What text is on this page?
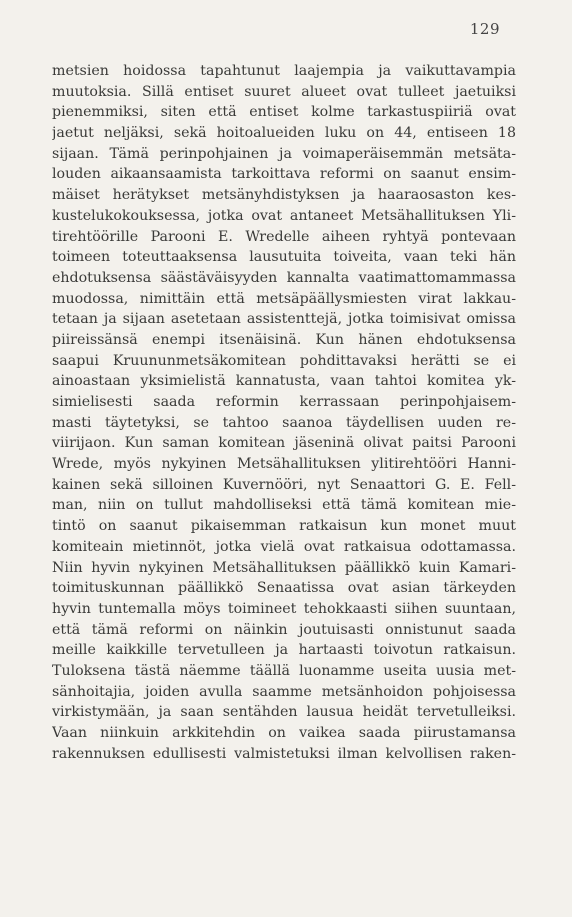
129
metsien hoidossa tapahtunut laajempia ja vaikuttavampia
muutoksia. Sillä entiset suuret alueet ovat tulleet jaetuiksi
pienemmiksi, siten että entiset kolme tarkastuspiiriä ovat
jaetut neljäksi, sekä hoitoalueiden luku on 44, entiseen 18
sijaan. Tämä perinpohjainen ja voimaperäisemmän metsäta-
louden aikaansaamista tarkoittava reformi on saanut ensim-
mäiset herätykset metsänyhdistyksen ja haaraosaston kes-
kustelukokouksessa, jotka ovat antaneet Metsähallituksen Yli-
tirehtöörille Parooni E. Wredelle aiheen ryhtyä pontevaan
toimeen toteuttaaksensa lausutuita toiveita, vaan teki hän
ehdotuksensa säästäväisyyden kannalta vaatimattomammassa
muodossa, nimittäin että metsäpäällysmiesten virat lakkau-
tetaan ja sijaan asetetaan assistenttejä, jotka toimisivat omissa
piireissänsä enempi itsenäisinä. Kun hänen ehdotuksensa
saapui Kruununmetsäkomitean pohdittavaksi herätti se ei
ainoastaan yksimielistä kannatusta, vaan tahtoi komitea yk-
simielisesti saada reformin kerrassaan perinpohjaisem-
masti täytetyksi, se tahtoo saanoa täydellisen uuden re-
viirijaon. Kun saman komitean jäseninä olivat paitsi Parooni
Wrede, myös nykyinen Metsähallituksen ylitirehtööri Hanni-
kainen sekä silloinen Kuvernööri, nyt Senaattori G. E. Fell-
man, niin on tullut mahdolliseksi että tämä komitean mie-
tintö on saanut pikaisemman ratkaisun kun monet muut
komiteain mietinnöt, jotka vielä ovat ratkaisua odottamassa.
Niin hyvin nykyinen Metsähallituksen päällikkö kuin Kamari-
toimituskunnan päällikkö Senaatissa ovat asian tärkeyden
hyvin tuntemalla möys toimineet tehokkaasti siihen suuntaan,
että tämä reformi on näinkin joutuisasti onnistunut saada
meille kaikkille tervetulleen ja hartaasti toivotun ratkaisun.
Tuloksena tästä näemme täällä luonamme useita uusia met-
sänhoitajia, joiden avulla saamme metsänhoidon pohjoisessa
virkistymään, ja saan sentähden lausua heidät tervetulleiksi.
Vaan niinkuin arkkitehdin on vaikea saada piirustamansa
rakennuksen edullisesti valmistetuksi ilman kelvollisen raken-
